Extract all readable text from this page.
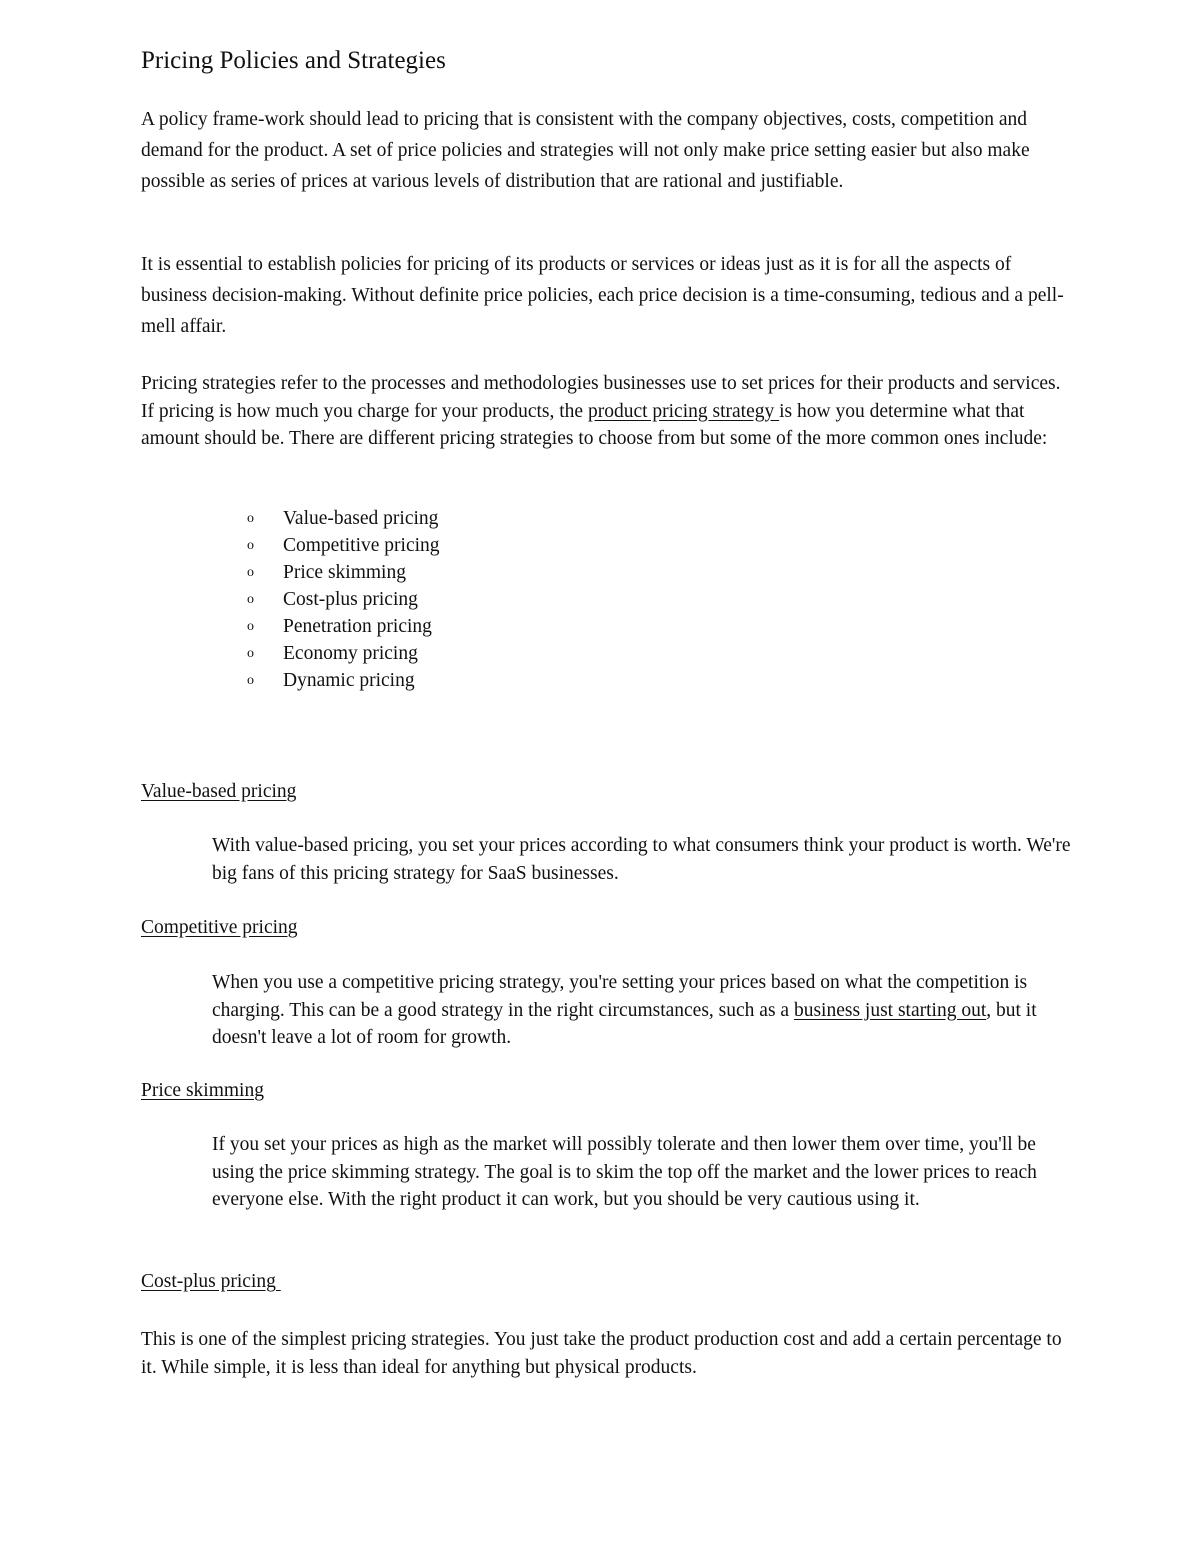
Pricing Policies and Strategies

A policy frame-work should lead to pricing that is consistent with the company objectives, costs, competition and demand for the product. A set of price policies and strategies will not only make price setting easier but also make possible as series of prices at various levels of distribution that are rational and justifiable.

It is essential to establish policies for pricing of its products or services or ideas just as it is for all the aspects of business decision-making. Without definite price policies, each price decision is a time-consuming, tedious and a pell-mell affair.

Pricing strategies refer to the processes and methodologies businesses use to set prices for their products and services. If pricing is how much you charge for your products, the product pricing strategy is how you determine what that amount should be. There are different pricing strategies to choose from but some of the more common ones include:

o Value-based pricing
o Competitive pricing
o Price skimming
o Cost-plus pricing
o Penetration pricing
o Economy pricing
o Dynamic pricing
Value-based pricing

With value-based pricing, you set your prices according to what consumers think your product is worth. We're big fans of this pricing strategy for SaaS businesses.

Competitive pricing

When you use a competitive pricing strategy, you're setting your prices based on what the competition is charging. This can be a good strategy in the right circumstances, such as a business just starting out, but it doesn't leave a lot of room for growth.

Price skimming

If you set your prices as high as the market will possibly tolerate and then lower them over time, you'll be using the price skimming strategy. The goal is to skim the top off the market and the lower prices to reach everyone else. With the right product it can work, but you should be very cautious using it.

Cost-plus pricing

This is one of the simplest pricing strategies. You just take the product production cost and add a certain percentage to it. While simple, it is less than ideal for anything but physical products.
